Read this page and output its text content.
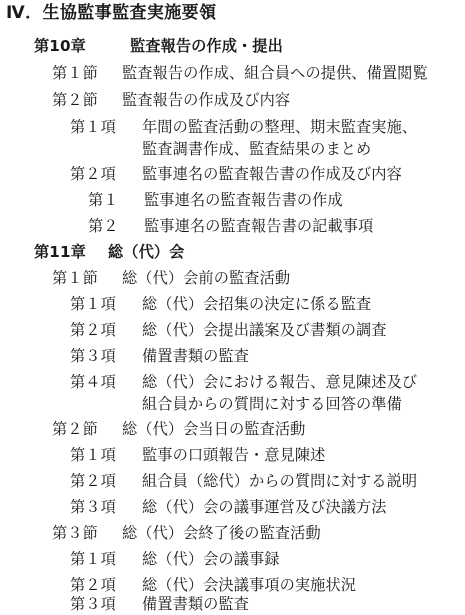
Ⅳ．生協監事監査実施要領
第10章	監査報告の作成・提出
第１節 監査報告の作成、組合員への提供、備置閲覧
第２節 監査報告の作成及び内容
第１項 年間の監査活動の整理、期末監査実施、
監査調書作成、監査結果のまとめ
第２項 監事連名の監査報告書の作成及び内容
第１ 監事連名の監査報告書の作成
第２ 監事連名の監査報告書の記載事項
第11章 総（代）会
第１節 総（代）会前の監査活動
第１項 総（代）会招集の決定に係る監査
第２項 総（代）会提出議案及び書類の調査
第３項 備置書類の監査
第４項 総（代）会における報告、意見陳述及び
組合員からの質問に対する回答の準備
第２節 総（代）会当日の監査活動
第１項 監事の口頭報告・意見陳述
第２項 組合員（総代）からの質問に対する説明
第３項 総（代）会の議事運営及び決議方法
第３節 総（代）会終了後の監査活動
第１項 総（代）会の議事録
第２項 総（代）会決議事項の実施状況
第３項 備置書類の監査
